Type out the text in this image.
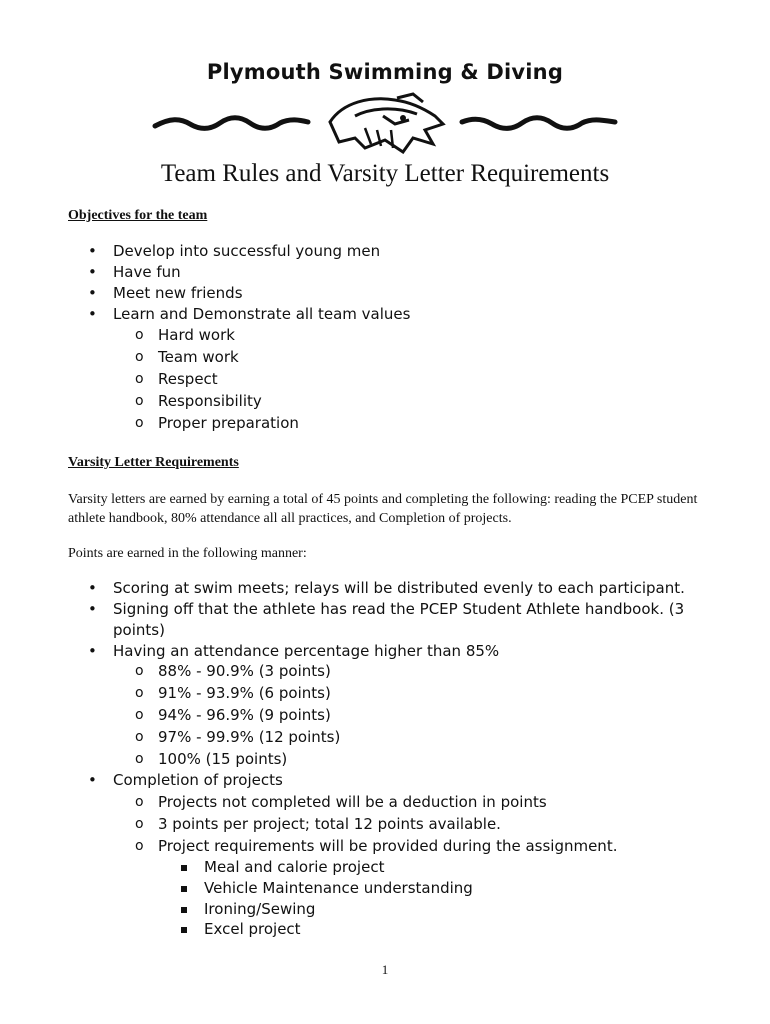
Plymouth Swimming & Diving
Team Rules and Varsity Letter Requirements
Objectives for the team
• Develop into successful young men
• Have fun
• Meet new friends
• Learn and Demonstrate all team values
o Hard work
o Team work
o Respect
o Responsibility
o Proper preparation
Varsity Letter Requirements
Varsity letters are earned by earning a total of 45 points and completing the following: reading the PCEP student athlete handbook, 80% attendance all all practices, and Completion of projects.
Points are earned in the following manner:
• Scoring at swim meets; relays will be distributed evenly to each participant.
• Signing off that the athlete has read the PCEP Student Athlete handbook. (3
points)
• Having an attendance percentage higher than 85%
o 88% - 90.9% (3 points)
o 91% - 93.9% (6 points)
o 94% - 96.9% (9 points)
o 97% - 99.9% (12 points)
o 100% (15 points)
• Completion of projects
o Projects not completed will be a deduction in points
o 3 points per project; total 12 points available.
o Project requirements will be provided during the assignment.
Meal and calorie project
Vehicle Maintenance understanding
Ironing/Sewing
Excel project
1
